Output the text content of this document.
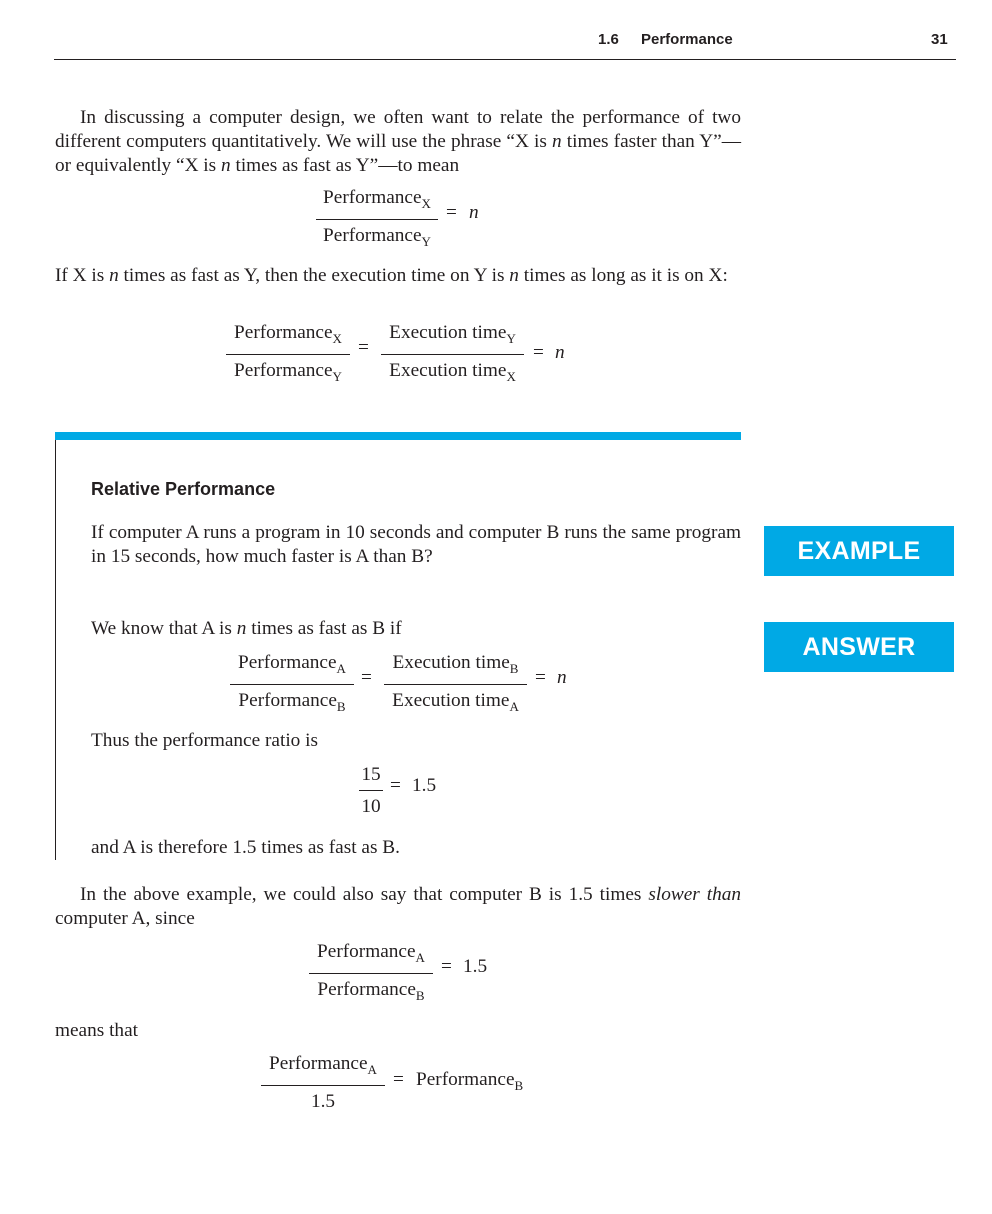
1.6 Performance	31

In discussing a computer design, we often want to relate the performance of two different computers quantitatively. We will use the phrase “X is n times faster than Y”—or equivalently “X is n times as fast as Y”—to mean

Performance$_X$
Performance$_Y$
= n

If X is n times as fast as Y, then the execution time on Y is n times as long as it is on X:

Performance$_X$
Performance$_Y$
=
Execution time$_Y$
Execution time$_X$
= n
Relative Performance

If computer A runs a program in 10 seconds and computer B runs the same program in 15 seconds, how much faster is A than B?	EXAMPLE
ANSWER

We know that A is n times as fast as B if

Performance$_A$
Performance$_B$
=
Execution time$_B$
Execution time$_A$
= n

Thus the performance ratio is

15
10
= 1.5

and A is therefore 1.5 times as fast as B.

In the above example, we could also say that computer B is 1.5 times slower than computer A, since

Performance$_A$
Performance$_B$
= 1.5

means that

Performance$_A$
1.5
= Performance$_B$
